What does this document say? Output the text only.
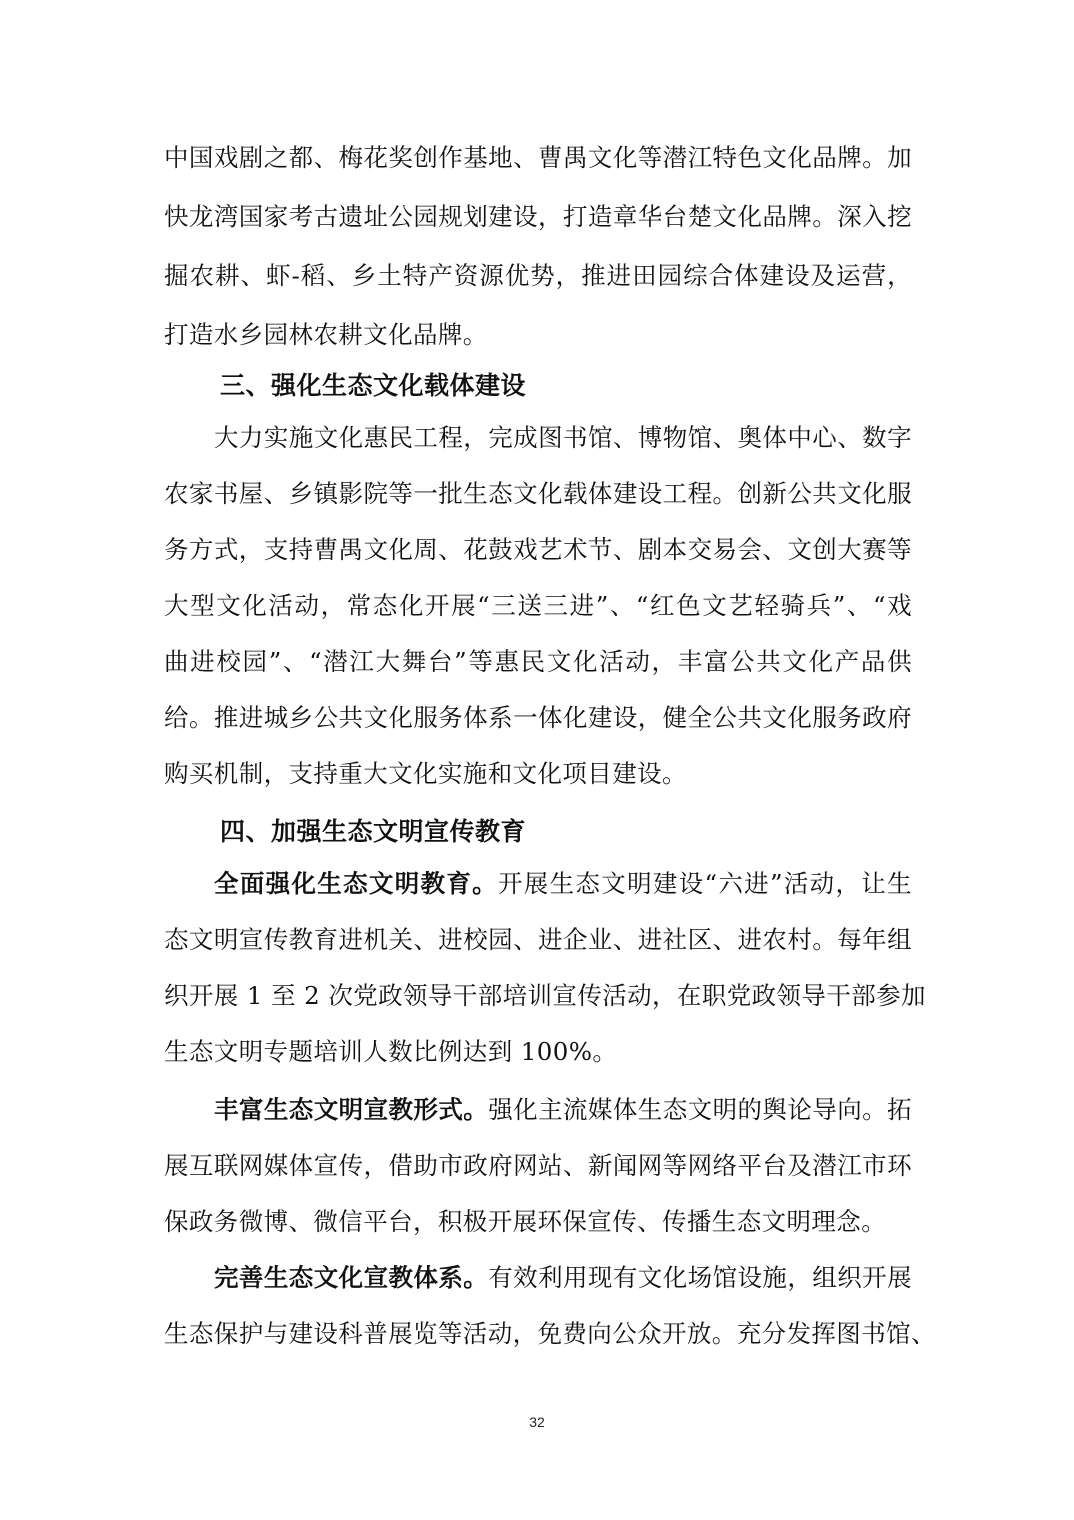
中国戏剧之都、梅花奖创作基地、曹禺文化等潜江特色文化品牌。加
快龙湾国家考古遗址公园规划建设，打造章华台楚文化品牌。深入挖
掘农耕、虾-稻、乡土特产资源优势，推进田园综合体建设及运营，
打造水乡园林农耕文化品牌。
三、强化生态文化载体建设
大力实施文化惠民工程，完成图书馆、博物馆、奥体中心、数字
农家书屋、乡镇影院等一批生态文化载体建设工程。创新公共文化服
务方式，支持曹禺文化周、花鼓戏艺术节、剧本交易会、文创大赛等
大型文化活动，常态化开展“三送三进”、“红色文艺轻骑兵”、“戏
曲进校园”、“潜江大舞台”等惠民文化活动，丰富公共文化产品供
给。推进城乡公共文化服务体系一体化建设，健全公共文化服务政府
购买机制，支持重大文化实施和文化项目建设。
四、加强生态文明宣传教育
全面强化生态文明教育。开展生态文明建设“六进”活动，让生
态文明宣传教育进机关、进校园、进企业、进社区、进农村。每年组
织开展 1 至 2 次党政领导干部培训宣传活动，在职党政领导干部参加
生态文明专题培训人数比例达到 100%。
丰富生态文明宣教形式。强化主流媒体生态文明的舆论导向。拓
展互联网媒体宣传，借助市政府网站、新闻网等网络平台及潜江市环
保政务微博、微信平台，积极开展环保宣传、传播生态文明理念。
完善生态文化宣教体系。有效利用现有文化场馆设施，组织开展
生态保护与建设科普展览等活动，免费向公众开放。充分发挥图书馆、
32
